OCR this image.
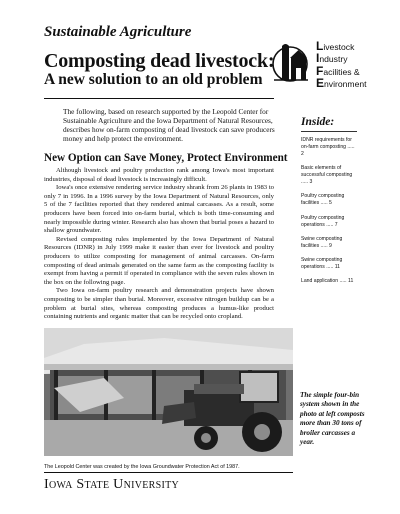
Sustainable Agriculture
Composting dead livestock:
A new solution to an old problem
Livestock
Industry
Facilities &
Environment
The following, based on research supported by the Leopold Center for Sustainable Agriculture and the Iowa Department of Natural Resources, describes how on-farm composting of dead livestock can save producers money and help protect the environment.
New Option can Save Money, Protect Environment

Although livestock and poultry production rank among Iowa's most important industries, disposal of dead livestock is increasingly difficult.

Iowa's once extensive rendering service industry shrank from 26 plants in 1983 to only 7 in 1996. In a 1996 survey by the Iowa Department of Natural Resources, only 5 of the 7 facilities reported that they rendered animal carcasses. As a result, some producers have been forced into on-farm burial, which is both time-consuming and nearly impossible during winter. Research also has shown that burial poses a hazard to shallow groundwater.

Revised composting rules implemented by the Iowa Department of Natural Resources (IDNR) in July 1999 make it easier than ever for livestock and poultry producers to utilize composting for management of animal carcasses. On-farm composting of dead animals generated on the same farm as the composting facility is exempt from having a permit if operated in compliance with the seven rules shown in the box on the following page.

Two Iowa on-farm poultry research and demonstration projects have shown composting to be simpler than burial. Moreover, excessive nitrogen buildup can be a problem at burial sites, whereas composting produces a humus-like product containing nutrients and organic matter that can be recycled onto cropland.

Inside:
IDNR requirements for on-farm composting ..... 2
Basic elements of successful composting ..... 3
Poultry composting facilities ..... 5
Poultry composting operations ..... 7
Swine composting facilities ..... 9
Swine composting operations ..... 11
Land application ..... 11
The simple four-bin system shown in the photo at left composts more than 30 tons of broiler carcasses a year.
The Leopold Center was created by the Iowa Groundwater Protection Act of 1987.
Iowa State University
